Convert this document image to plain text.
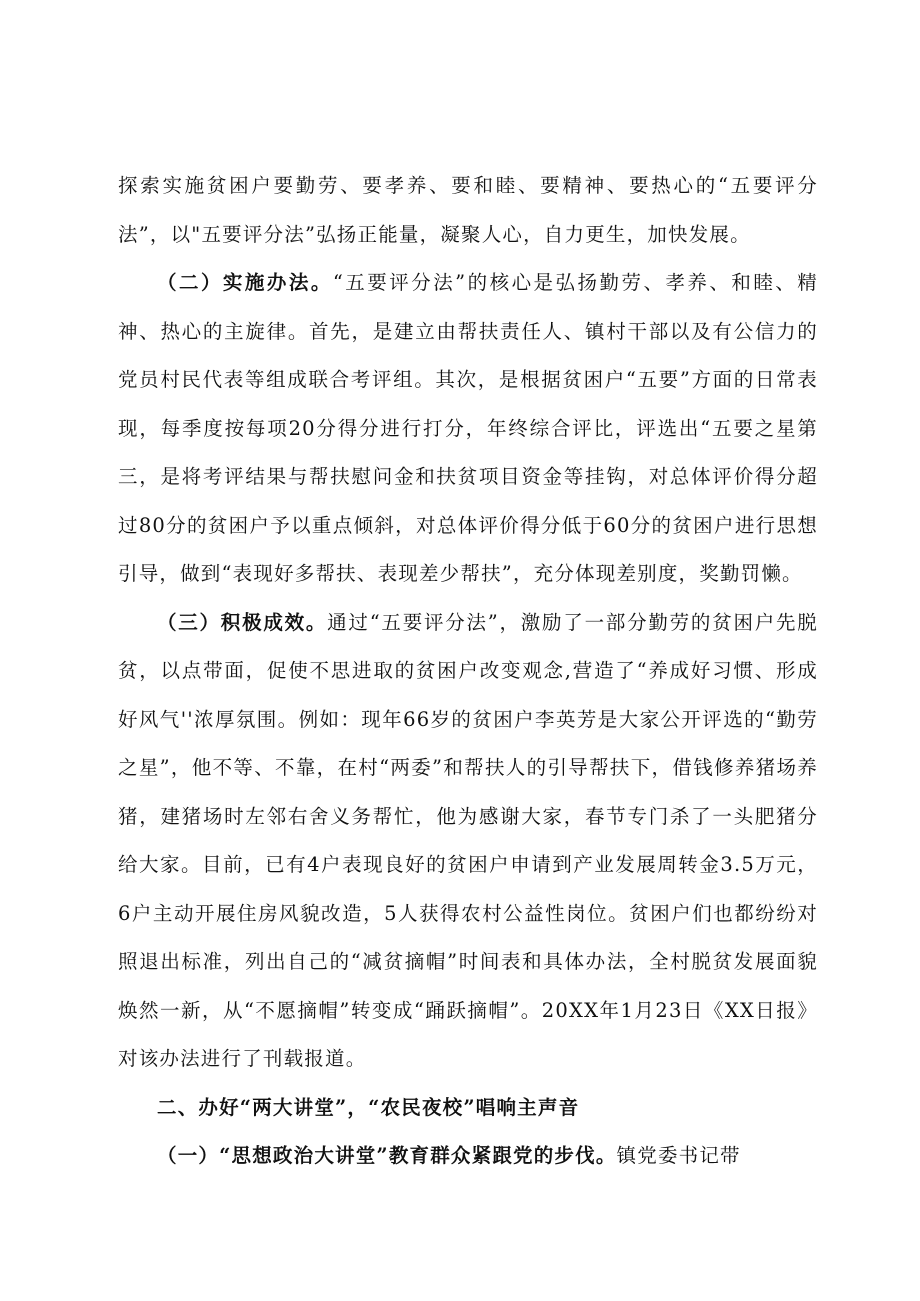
探索实施贫困户要勤劳、要孝养、要和睦、要精神、要热心的“五要评分法”，以"五要评分法”弘扬正能量，凝聚人心，自力更生，加快发展。

（二）实施办法。“五要评分法”的核心是弘扬勤劳、孝养、和睦、精神、热心的主旋律。首先，是建立由帮扶责任人、镇村干部以及有公信力的党员村民代表等组成联合考评组。其次，是根据贫困户“五要”方面的日常表现，每季度按每项20分得分进行打分，年终综合评比，评选出“五要之星第三，是将考评结果与帮扶慰问金和扶贫项目资金等挂钩，对总体评价得分超过80分的贫困户予以重点倾斜，对总体评价得分低于60分的贫困户进行思想引导，做到“表现好多帮扶、表现差少帮扶”，充分体现差别度，奖勤罚懒。

（三）积极成效。通过“五要评分法”，激励了一部分勤劳的贫困户先脱贫，以点带面，促使不思进取的贫困户改变观念,营造了“养成好习惯、形成好风气''浓厚氛围。例如：现年66岁的贫困户李英芳是大家公开评选的“勤劳之星”，他不等、不靠，在村“两委”和帮扶人的引导帮扶下，借钱修养猪场养猪，建猪场时左邻右舍义务帮忙，他为感谢大家，春节专门杀了一头肥猪分给大家。目前，已有4户表现良好的贫困户申请到产业发展周转金3.5万元，6户主动开展住房风貌改造，5人获得农村公益性岗位。贫困户们也都纷纷对照退出标准，列出自己的“减贫摘帽”时间表和具体办法，全村脱贫发展面貌焕然一新，从“不愿摘帽”转变成“踊跃摘帽”。20XX年1月23日《XX日报》对该办法进行了刊载报道。

二、办好“两大讲堂”，“农民夜校”唱响主声音

（一）“思想政治大讲堂”教育群众紧跟党的步伐。镇党委书记带
